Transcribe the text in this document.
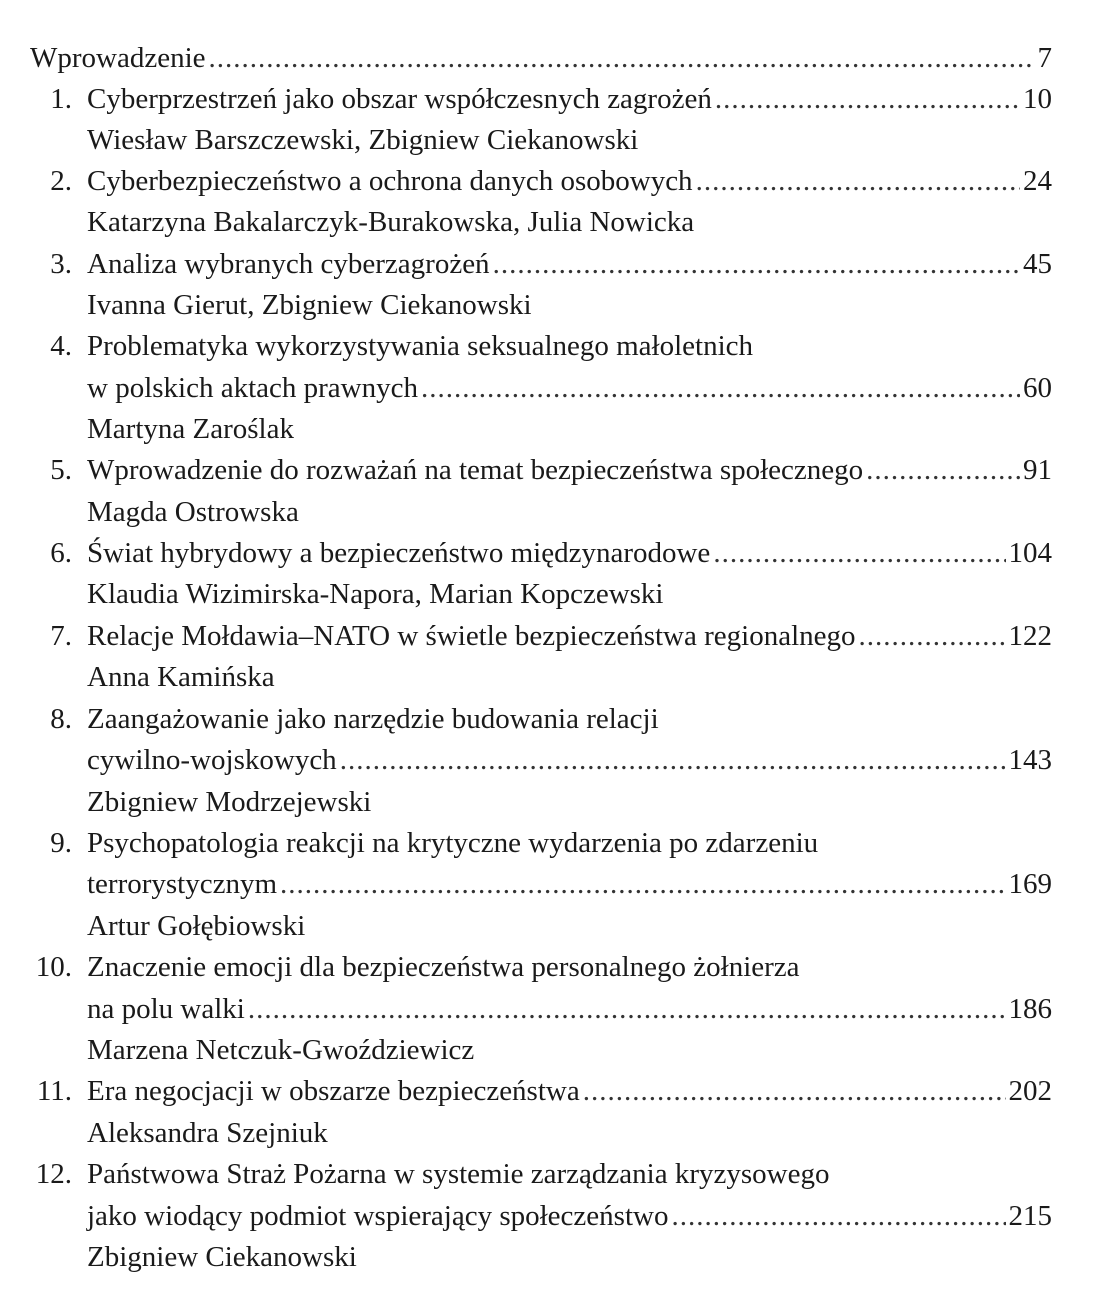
Wprowadzenie .....	7
1. Cyberprzestrzeń jako obszar współczesnych zagrożeń .....	10
Wiesław Barszczewski, Zbigniew Ciekanowski
2. Cyberbezpieczeństwo a ochrona danych osobowych .....	24
Katarzyna Bakalarczyk-Burakowska, Julia Nowicka
3. Analiza wybranych cyberzagrożeń .....	45
Ivanna Gierut, Zbigniew Ciekanowski
4. Problematyka wykorzystywania seksualnego małoletnich
w polskich aktach prawnych .....	60
Martyna Zaroślak
5. Wprowadzenie do rozważań na temat bezpieczeństwa społecznego .....	91
Magda Ostrowska
6. Świat hybrydowy a bezpieczeństwo międzynarodowe .....	104
Klaudia Wizimirska-Napora, Marian Kopczewski
7. Relacje Mołdawia–NATO w świetle bezpieczeństwa regionalnego .....	122
Anna Kamińska
8. Zaangażowanie jako narzędzie budowania relacji
cywilno-wojskowych .....	143
Zbigniew Modrzejewski
9. Psychopatologia reakcji na krytyczne wydarzenia po zdarzeniu
terrorystycznym .....	169
Artur Gołębiowski
10. Znaczenie emocji dla bezpieczeństwa personalnego żołnierza
na polu walki .....	186
Marzena Netczuk-Gwoździewicz
11. Era negocjacji w obszarze bezpieczeństwa .....	202
Aleksandra Szejniuk
12. Państwowa Straż Pożarna w systemie zarządzania kryzysowego
jako wiodący podmiot wspierający społeczeństwo .....	215
Zbigniew Ciekanowski
